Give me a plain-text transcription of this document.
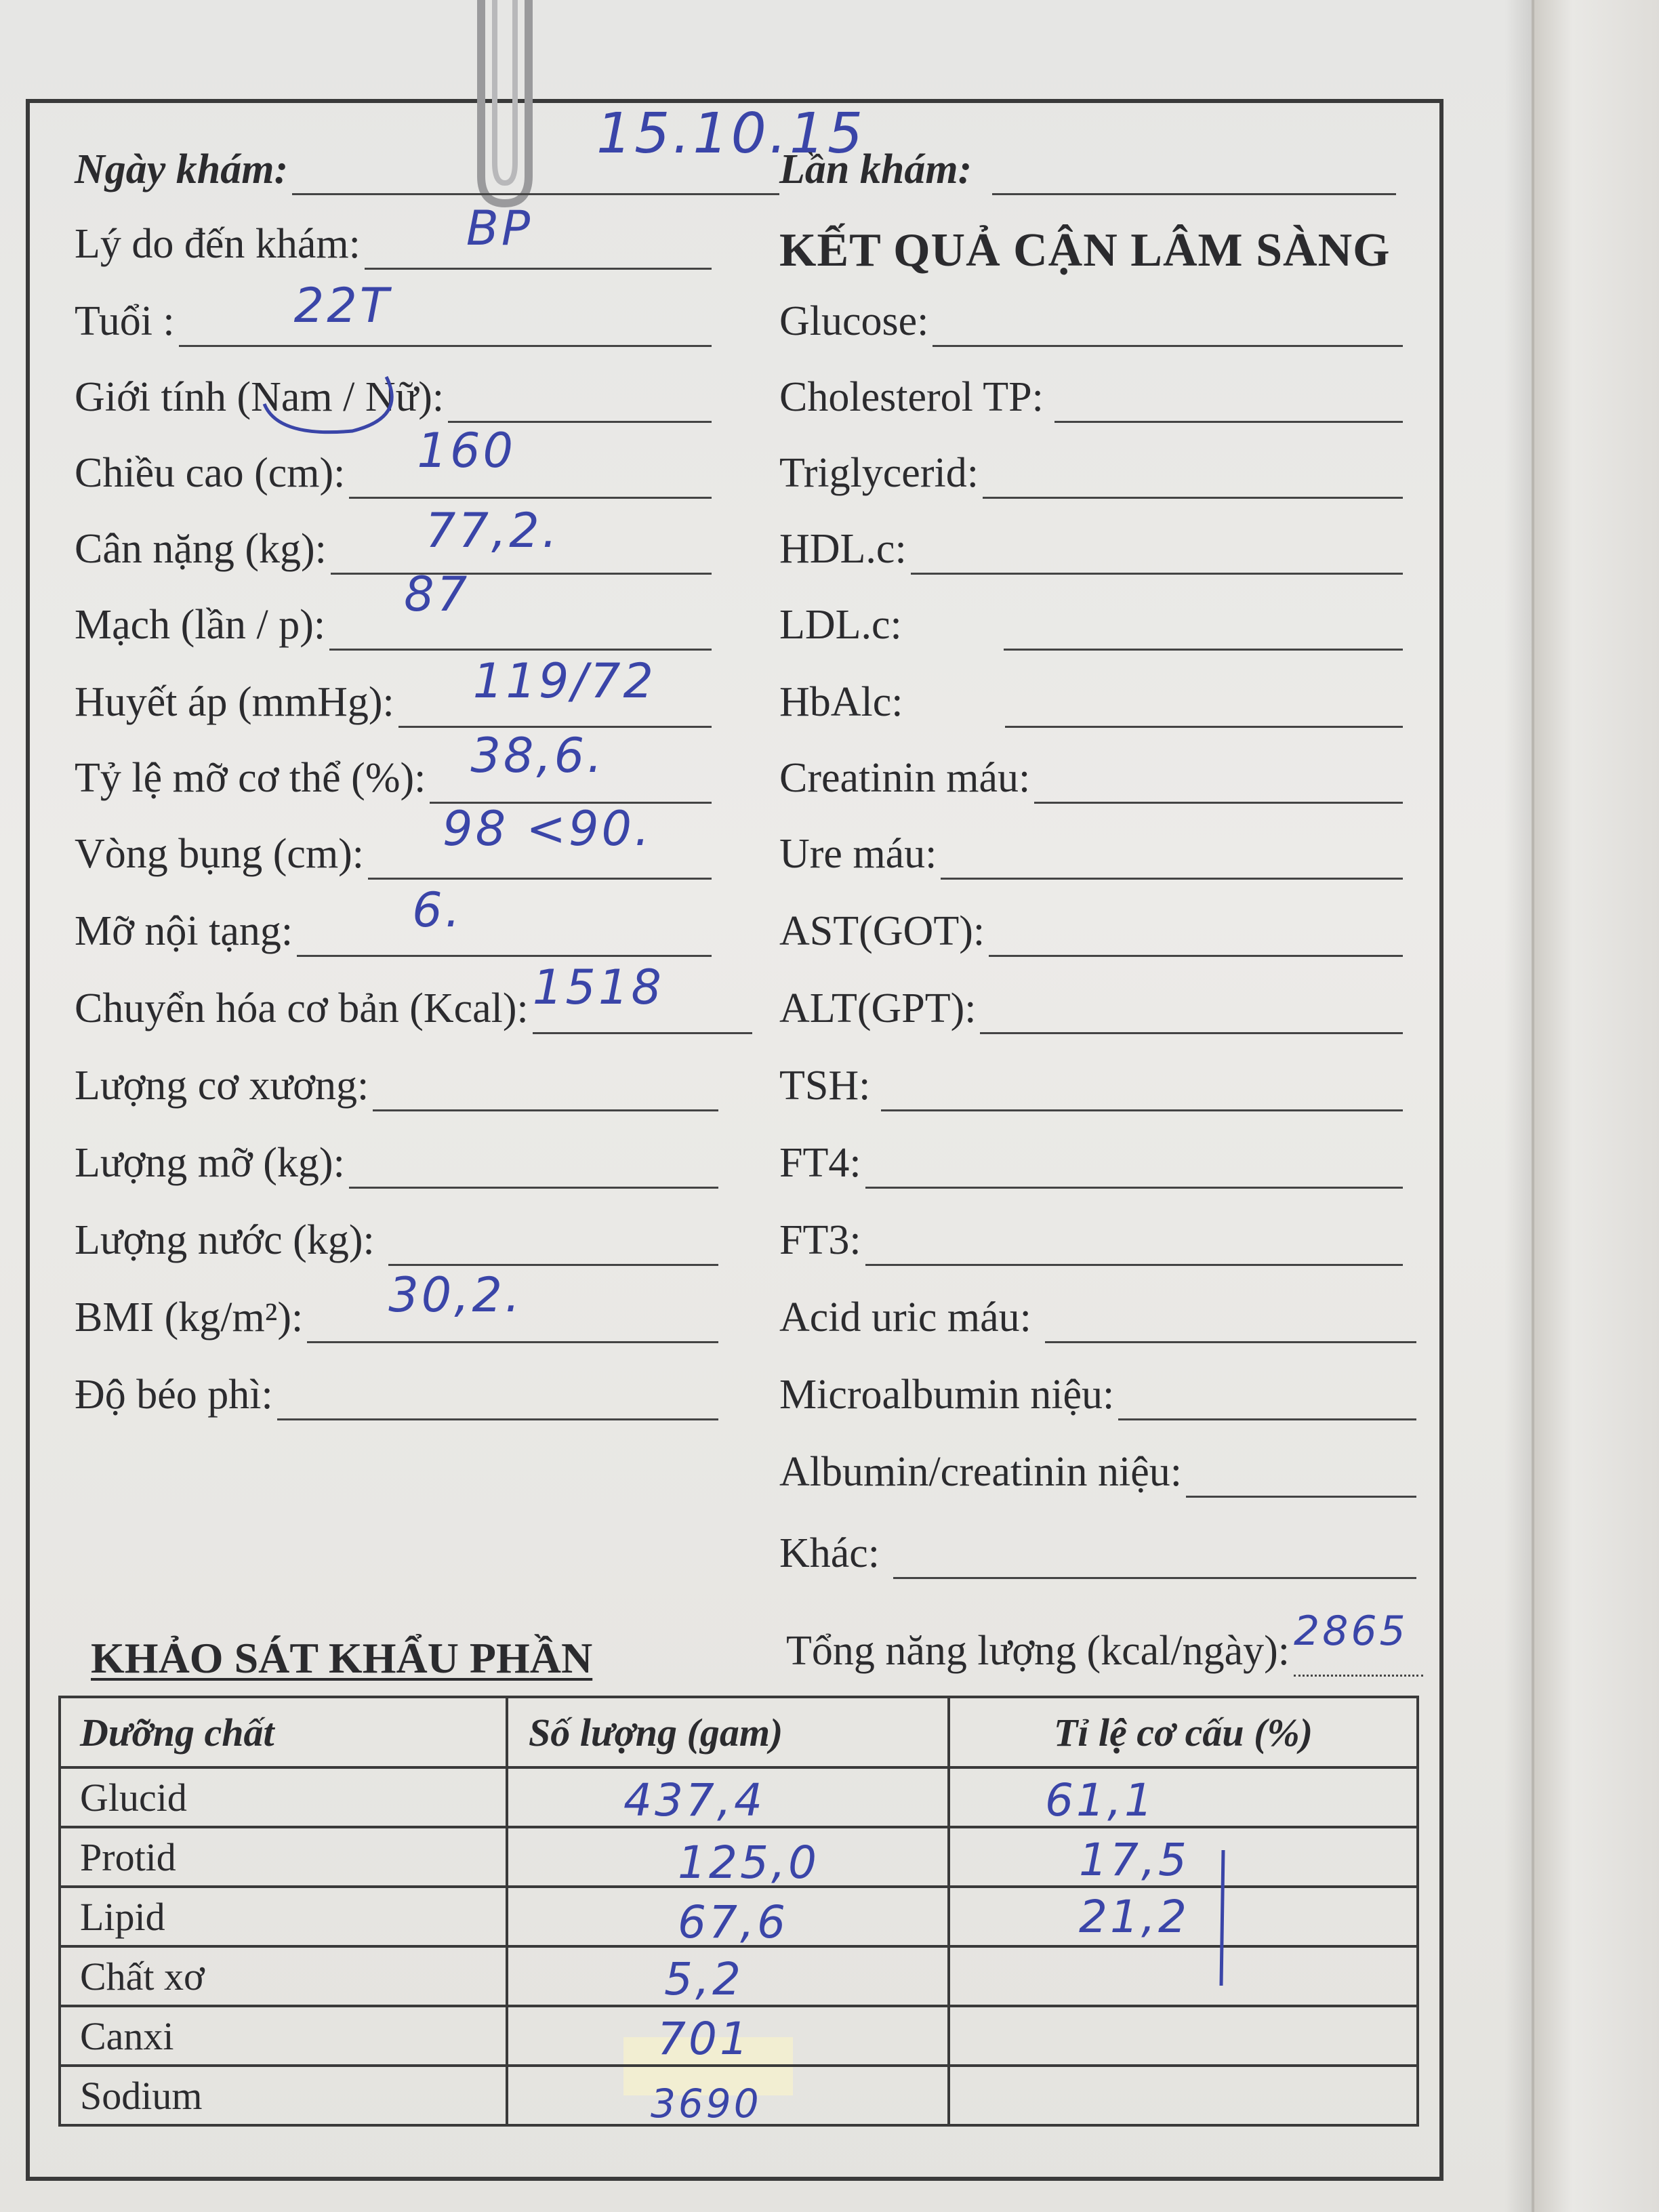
Ngày khám:
15.10.15
Lần khám:
Lý do đến khám: BP
Tuổi :	22T
Giới tính (Nam / Nữ):
Chiều cao (cm): 160
Cân nặng (kg): 77,2.
Mạch (lần / p):
87
Huyết áp (mmHg): 119/72
Tỷ lệ mỡ cơ thể (%): 38,6.
Vòng bụng (cm): 98 <90.
Mỡ nội tạng:	6.
Chuyển hóa cơ bản (Kcal): 1518
Lượng cơ xương:
Lượng mỡ (kg):
Lượng nước (kg):
BMI (kg/m²): 30,2.
Độ béo phì:
KẾT QUẢ CẬN LÂM SÀNG
Glucose:
Cholesterol TP:
Triglycerid:
HDL.c:
LDL.c:
HbAlc:
Creatinin máu:
Ure máu:
AST(GOT):
ALT(GPT):
TSH:
FT4:
FT3:
Acid uric máu:
Microalbumin niệu:
Albumin/creatinin niệu:
Khác:
KHẢO SÁT KHẨU PHẦN	Tổng năng lượng (kcal/ngày): 2865
Dưỡng chất	Số lượng (gam)	Tỉ lệ cơ cấu (%)
Glucid	437,4	61,1

Protid	125,0	17,5

Lipid	67,6	21,2

Chất xơ	5,2	

Canxi	701	

Sodium	3690	
